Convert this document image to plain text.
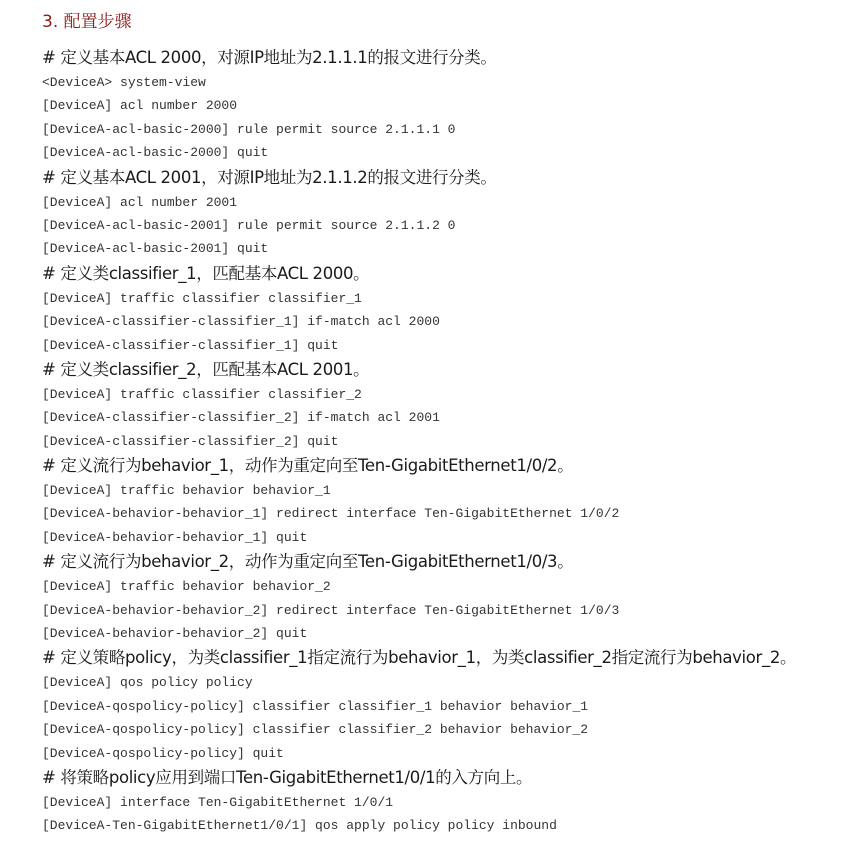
3. 配置步骤
# 定义基本ACL 2000，对源IP地址为2.1.1.1的报文进行分类。
<DeviceA> system-view
[DeviceA] acl number 2000
[DeviceA-acl-basic-2000] rule permit source 2.1.1.1 0
[DeviceA-acl-basic-2000] quit
# 定义基本ACL 2001，对源IP地址为2.1.1.2的报文进行分类。
[DeviceA] acl number 2001
[DeviceA-acl-basic-2001] rule permit source 2.1.1.2 0
[DeviceA-acl-basic-2001] quit
# 定义类classifier_1，匹配基本ACL 2000。
[DeviceA] traffic classifier classifier_1
[DeviceA-classifier-classifier_1] if-match acl 2000
[DeviceA-classifier-classifier_1] quit
# 定义类classifier_2，匹配基本ACL 2001。
[DeviceA] traffic classifier classifier_2
[DeviceA-classifier-classifier_2] if-match acl 2001
[DeviceA-classifier-classifier_2] quit
# 定义流行为behavior_1，动作为重定向至Ten-GigabitEthernet1/0/2。
[DeviceA] traffic behavior behavior_1
[DeviceA-behavior-behavior_1] redirect interface Ten-GigabitEthernet 1/0/2
[DeviceA-behavior-behavior_1] quit
# 定义流行为behavior_2，动作为重定向至Ten-GigabitEthernet1/0/3。
[DeviceA] traffic behavior behavior_2
[DeviceA-behavior-behavior_2] redirect interface Ten-GigabitEthernet 1/0/3
[DeviceA-behavior-behavior_2] quit
# 定义策略policy，为类classifier_1指定流行为behavior_1，为类classifier_2指定流行为behavior_2。
[DeviceA] qos policy policy
[DeviceA-qospolicy-policy] classifier classifier_1 behavior behavior_1
[DeviceA-qospolicy-policy] classifier classifier_2 behavior behavior_2
[DeviceA-qospolicy-policy] quit
# 将策略policy应用到端口Ten-GigabitEthernet1/0/1的入方向上。
[DeviceA] interface Ten-GigabitEthernet 1/0/1
[DeviceA-Ten-GigabitEthernet1/0/1] qos apply policy policy inbound
